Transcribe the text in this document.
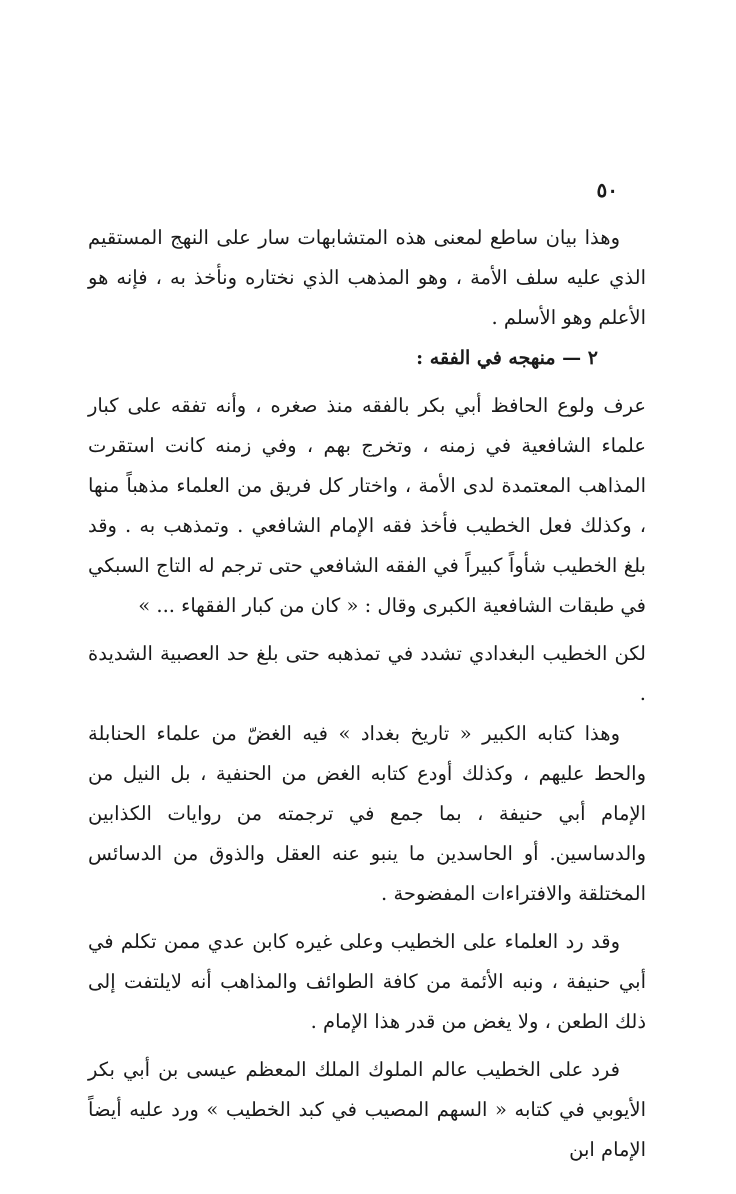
٥٠

وهذا بيان ساطع لمعنى هذه المتشابهات سار على النهج المستقيم الذي عليه سلف الأمة ، وهو المذهب الذي نختاره ونأخذ به ، فإنه هو الأعلم وهو الأسلم .

٢ — منهجه في الفقه :

عرف ولوع الحافظ أبي بكر بالفقه منذ صغره ، وأنه تفقه على كبار علماء الشافعية في زمنه ، وتخرج بهم ، وفي زمنه كانت استقرت المذاهب المعتمدة لدى الأمة ، واختار كل فريق من العلماء مذهباً منها ، وكذلك فعل الخطيب فأخذ فقه الإمام الشافعي . وتمذهب به . وقد بلغ الخطيب شأواً كبيراً في الفقه الشافعي حتى ترجم له التاج السبكي في طبقات الشافعية الكبرى وقال : « كان من كبار الفقهاء ... »

لكن الخطيب البغدادي تشدد في تمذهبه حتى بلغ حد العصبية الشديدة .

وهذا كتابه الكبير « تاريخ بغداد » فيه الغضّ من علماء الحنابلة والحط عليهم ، وكذلك أودع كتابه الغض من الحنفية ، بل النيل من الإمام أبي حنيفة ، بما جمع في ترجمته من روايات الكذابين والدساسين. أو الحاسدين ما ينبو عنه العقل والذوق من الدسائس المختلقة والافتراءات المفضوحة .

وقد رد العلماء على الخطيب وعلى غيره كابن عدي ممن تكلم في أبي حنيفة ، ونبه الأئمة من كافة الطوائف والمذاهب أنه لايلتفت إلى ذلك الطعن ، ولا يغض من قدر هذا الإمام .

فرد على الخطيب عالم الملوك الملك المعظم عيسى بن أبي بكر الأيوبي في كتابه « السهم المصيب في كبد الخطيب » ورد عليه أيضاً الإمام ابن
